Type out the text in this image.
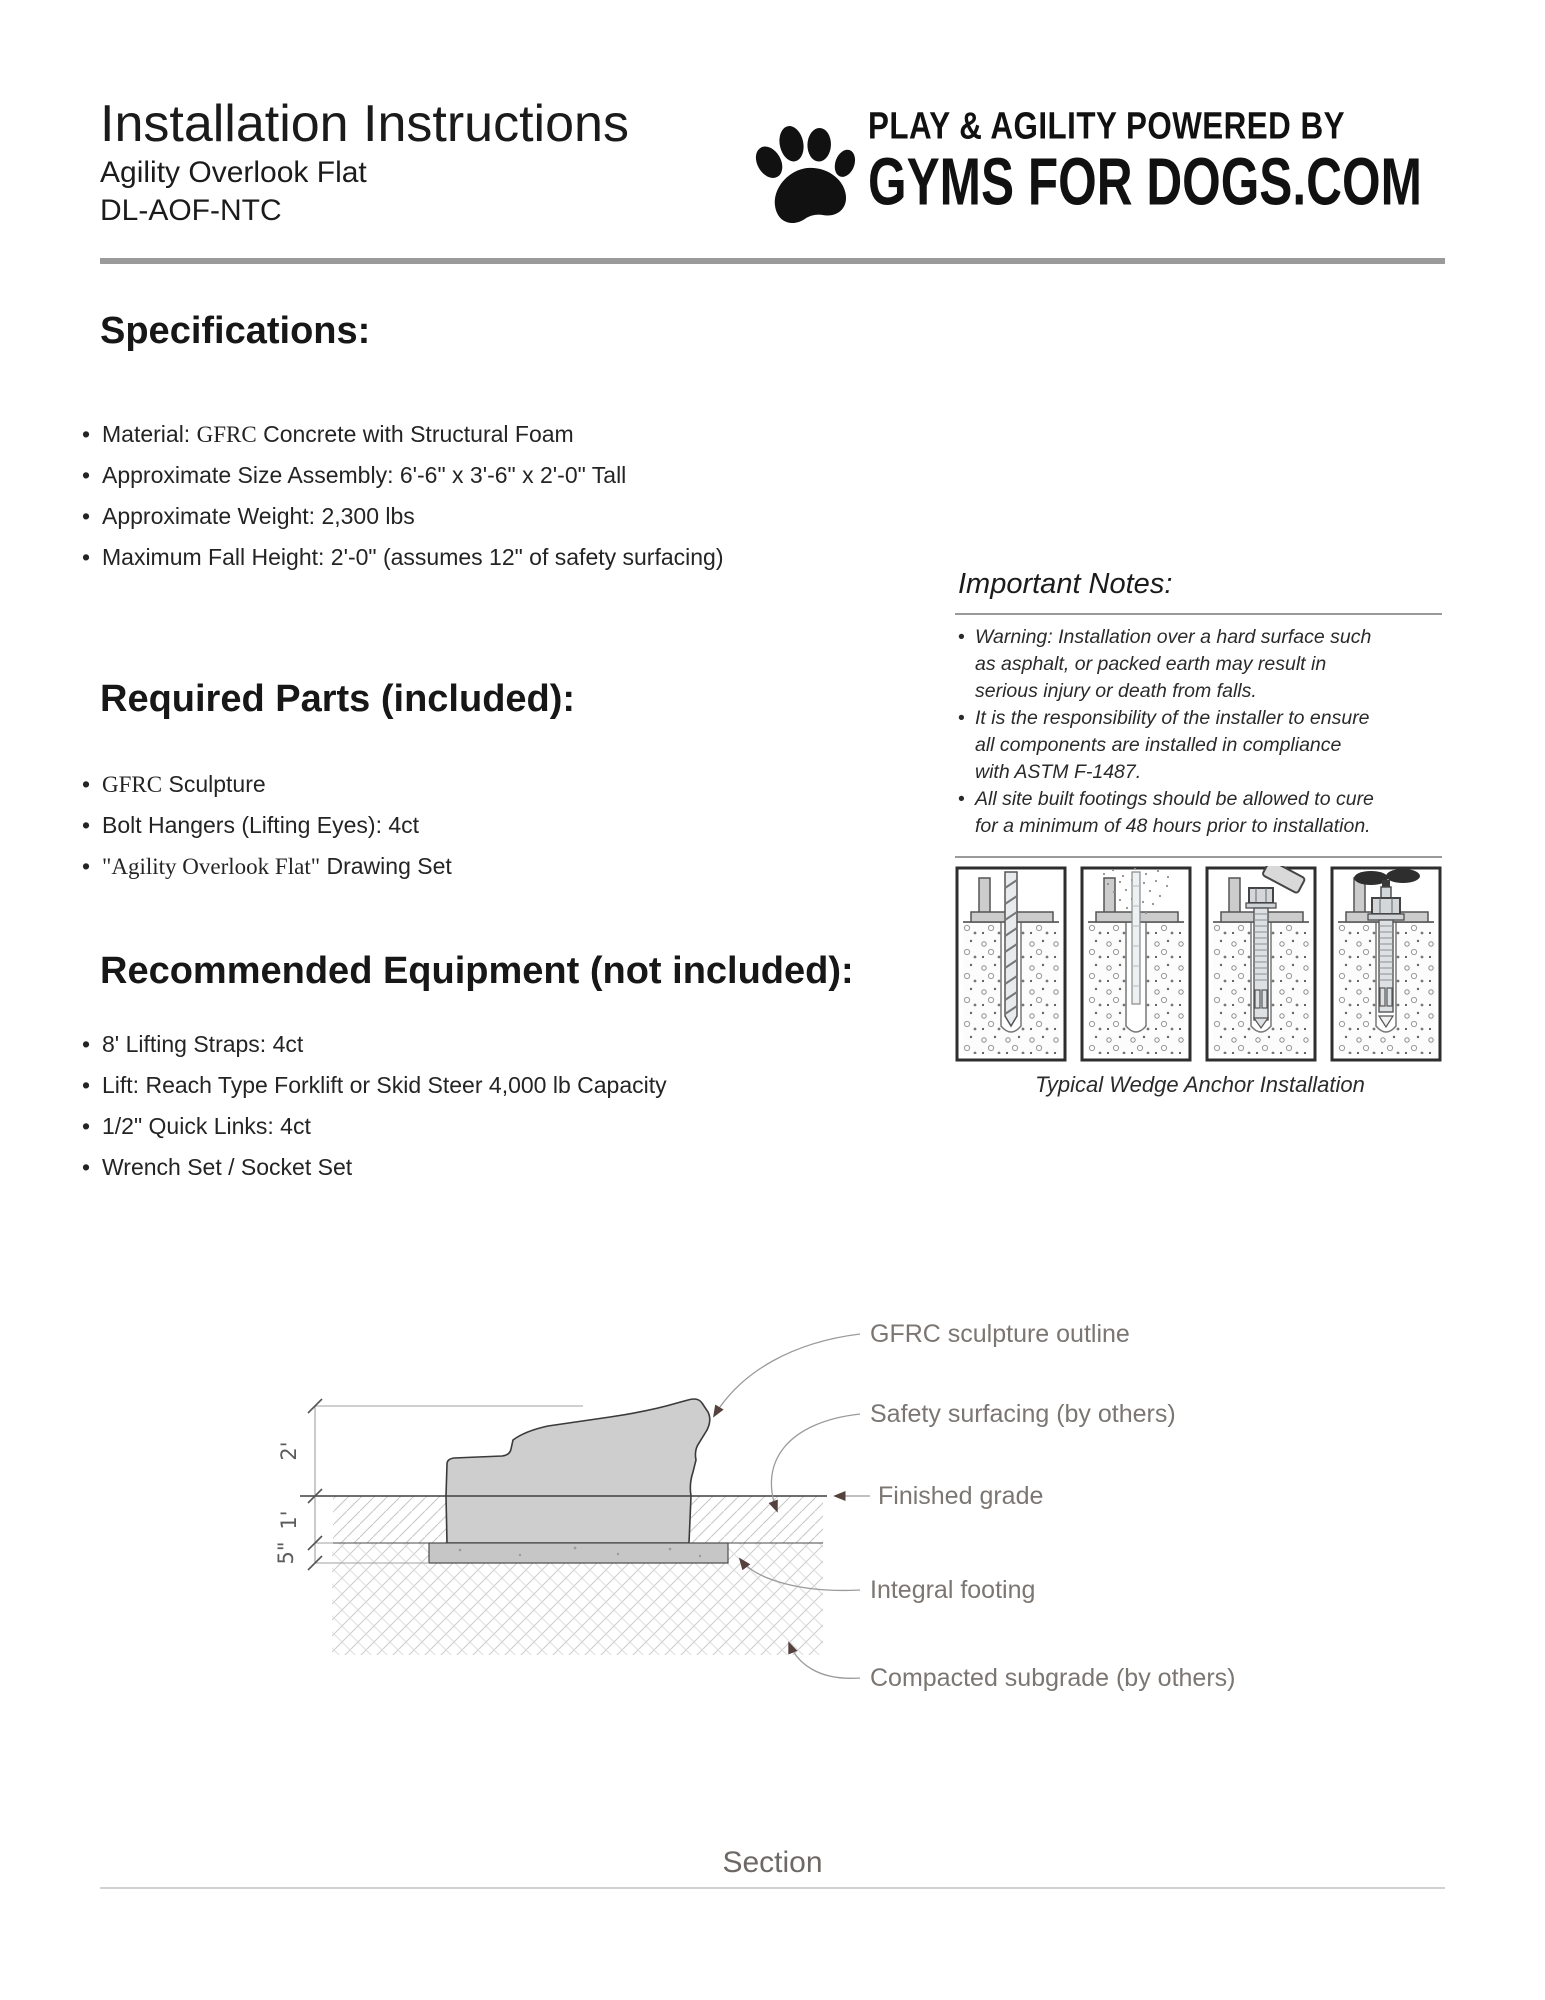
Installation Instructions
Agility Overlook Flat
DL-AOF-NTC
PLAY & AGILITY POWERED BY
GYMS FOR DOGS.COM
Specifications:
• Material: GFRC Concrete with Structural Foam
• Approximate Size Assembly: 6'-6" x 3'-6" x 2'-0" Tall
• Approximate Weight: 2,300 lbs
• Maximum Fall Height: 2'-0" (assumes 12" of safety surfacing)
Required Parts (included):
• GFRC Sculpture
• Bolt Hangers (Lifting Eyes): 4ct
• "Agility Overlook Flat" Drawing Set
Recommended Equipment (not included):
• 8' Lifting Straps: 4ct
• Lift: Reach Type Forklift or Skid Steer 4,000 lb Capacity
• 1/2" Quick Links: 4ct
• Wrench Set / Socket Set
Important Notes:
• Warning: Installation over a hard surface such
as asphalt, or packed earth may result in
serious injury or death from falls.
• It is the responsibility of the installer to ensure
all components are installed in compliance
with ASTM F-1487.
• All site built footings should be allowed to cure
for a minimum of 48 hours prior to installation.
Typical Wedge Anchor Installation
2'
1'
5"
GFRC sculpture outline
Safety surfacing (by others)
Finished grade
Integral footing
Compacted subgrade (by others)
Section
